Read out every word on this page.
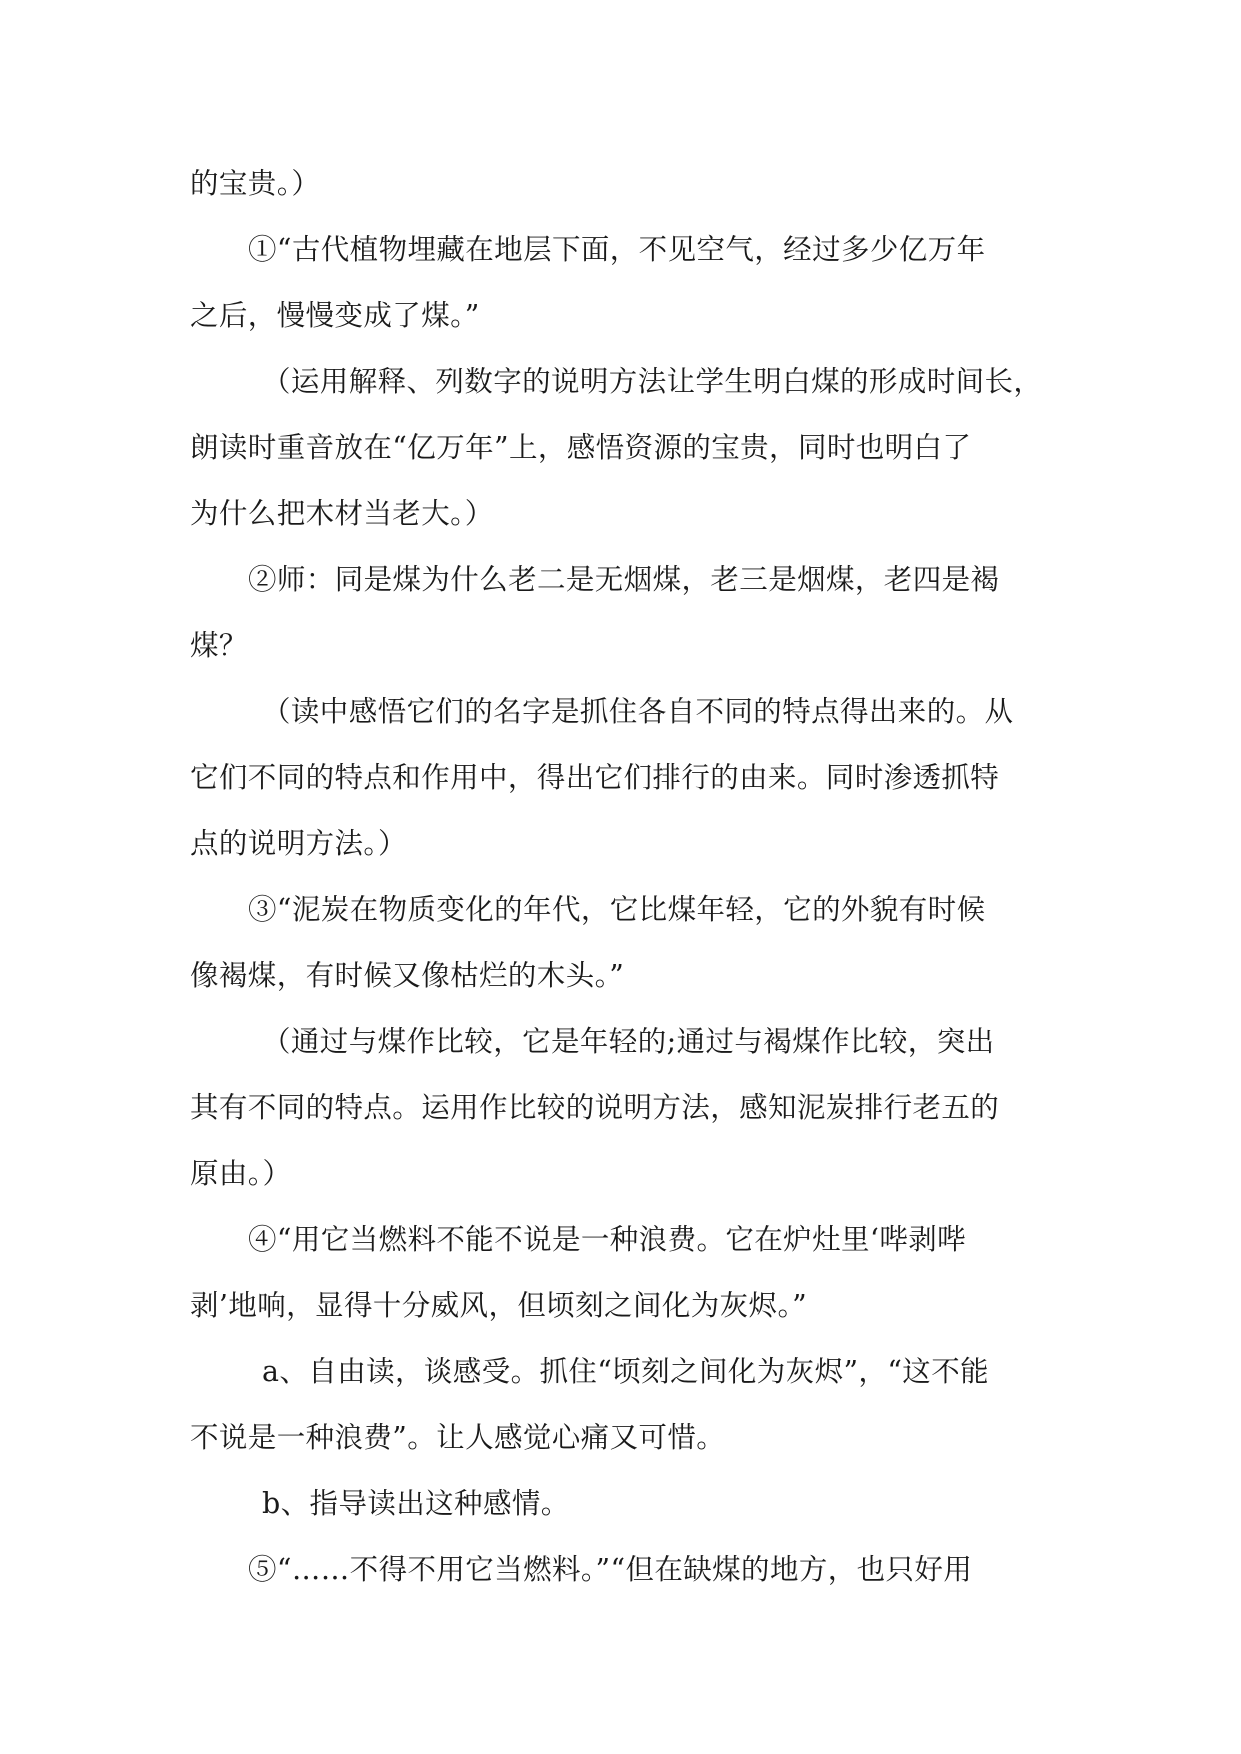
的宝贵。）
①“古代植物埋藏在地层下面，不见空气，经过多少亿万年
之后，慢慢变成了煤。”
（运用解释、列数字的说明方法让学生明白煤的形成时间长，
朗读时重音放在“亿万年”上，感悟资源的宝贵，同时也明白了
为什么把木材当老大。）
②师：同是煤为什么老二是无烟煤，老三是烟煤，老四是褐
煤？
（读中感悟它们的名字是抓住各自不同的特点得出来的。从
它们不同的特点和作用中，得出它们排行的由来。同时渗透抓特
点的说明方法。）
③“泥炭在物质变化的年代，它比煤年轻，它的外貌有时候
像褐煤，有时候又像枯烂的木头。”
（通过与煤作比较，它是年轻的;通过与褐煤作比较，突出
其有不同的特点。运用作比较的说明方法，感知泥炭排行老五的
原由。）
④“用它当燃料不能不说是一种浪费。它在炉灶里‘哔剥哔
剥’地响，显得十分威风，但顷刻之间化为灰烬。”
a、自由读，谈感受。抓住“顷刻之间化为灰烬”，“这不能
不说是一种浪费”。让人感觉心痛又可惜。
b、指导读出这种感情。
⑤“……不得不用它当燃料。”“但在缺煤的地方，也只好用
